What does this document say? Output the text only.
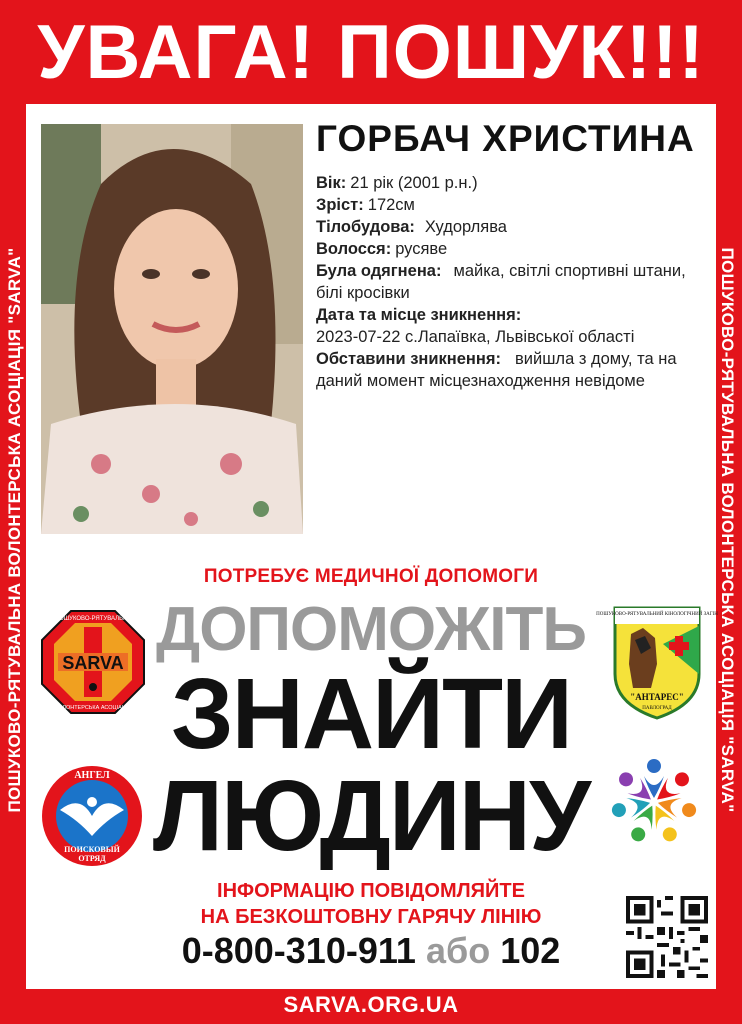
УВАГА! ПОШУК!!!
ПОШУКОВО-РЯТУВАЛЬНА ВОЛОНТЕРСЬКА АСОЦІАЦІЯ "SARVA"	ПОШУКОВО-РЯТУВАЛЬНА ВОЛОНТЕРСЬКА АСОЦІАЦІЯ "SARVA"
ГОРБАЧ ХРИСТИНА
Вік: 21 рік (2001 р.н.)
Зріст: 172см
Тілобудова: Худорлява
Волосся: русяве
Була одягнена: майка, світлі спортивні штани,
білі кросівки
Дата та місце зникнення:
2023-07-22 с.Лапаївка, Львівської області
Обставини зникнення: вийшла з дому, та на
даний момент місцезнаходження невідоме
ПОТРЕБУЄ МЕДИЧНОЇ ДОПОМОГИ
ДОПОМОЖІТЬ
ЗНАЙТИ
ЛЮДИНУ
SARVA
ПОШУКОВО-РЯТУВАЛЬНА
ВОЛОНТЕРСЬКА АСОЦІАЦІЯ
ПОШУКОВО-РЯТУВАЛЬНИЙ КІНОЛОГІЧНИЙ ЗАГІН
"АНТАРЕС"
ПАВЛОГРАД
АНГЕЛ
ПОИСКОВЫЙ
ОТРЯД
ІНФОРМАЦІЮ ПОВІДОМЛЯЙТЕ
НА БЕЗКОШТОВНУ ГАРЯЧУ ЛІНІЮ
0-800-310-911 або 102
SARVA.ORG.UA
